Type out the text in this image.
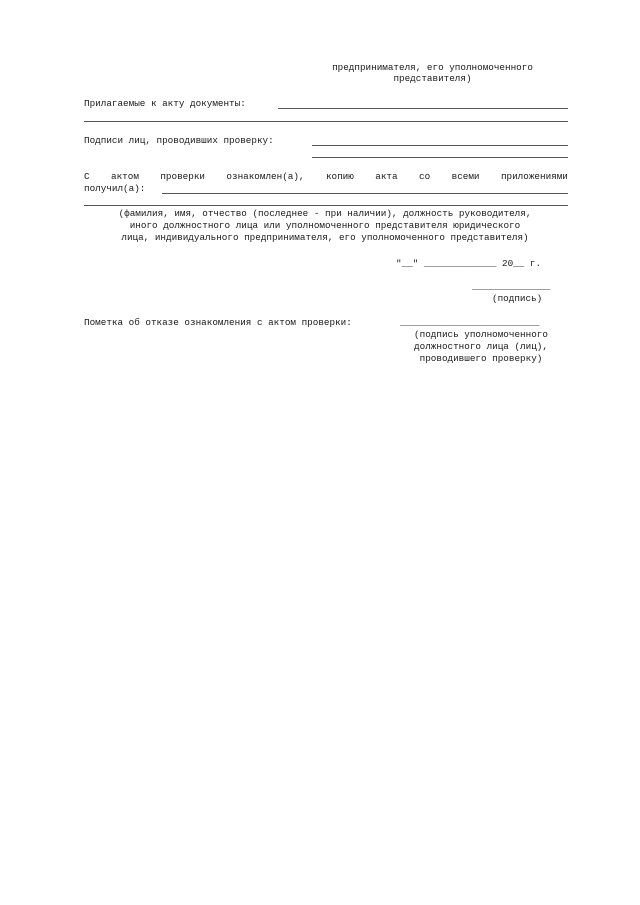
предпринимателя, его уполномоченного
представителя)
Прилагаемые к акту документы:
Подписи лиц, проводивших проверку:
С актом проверки ознакомлен(а), копию акта со всеми приложениями
получил(а):
(фамилия, имя, отчество (последнее - при наличии), должность руководителя,
иного должностного лица или уполномоченного представителя юридического
лица, индивидуального предпринимателя, его уполномоченного представителя)
"__" _____________ 20__ г.
______________
(подпись)
Пометка об отказе ознакомления с актом проверки:	_________________________
(подпись уполномоченного
должностного лица (лиц),
проводившего проверку)
